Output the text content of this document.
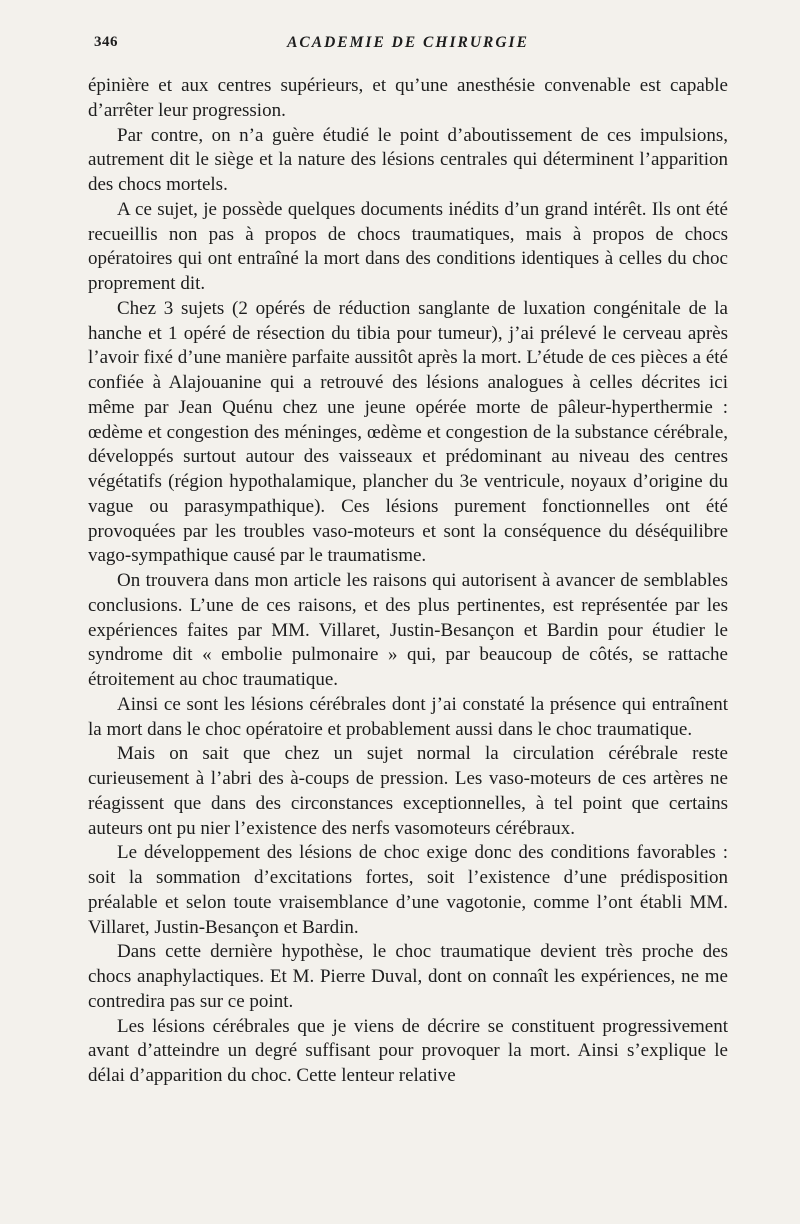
346	ACADEMIE DE CHIRURGIE

épinière et aux centres supérieurs, et qu’une anesthésie convenable est capable d’arrêter leur progression.

Par contre, on n’a guère étudié le point d’aboutissement de ces impulsions, autrement dit le siège et la nature des lésions centrales qui déterminent l’apparition des chocs mortels.

A ce sujet, je possède quelques documents inédits d’un grand intérêt. Ils ont été recueillis non pas à propos de chocs traumatiques, mais à propos de chocs opératoires qui ont entraîné la mort dans des conditions identiques à celles du choc proprement dit.

Chez 3 sujets (2 opérés de réduction sanglante de luxation congénitale de la hanche et 1 opéré de résection du tibia pour tumeur), j’ai prélevé le cerveau après l’avoir fixé d’une manière parfaite aussitôt après la mort. L’étude de ces pièces a été confiée à Alajouanine qui a retrouvé des lésions analogues à celles décrites ici même par Jean Quénu chez une jeune opérée morte de pâleur-hyperthermie : œdème et congestion des méninges, œdème et congestion de la substance cérébrale, développés surtout autour des vaisseaux et prédominant au niveau des centres végétatifs (région hypothalamique, plancher du 3e ventricule, noyaux d’origine du vague ou parasympathique). Ces lésions purement fonctionnelles ont été provoquées par les troubles vaso-moteurs et sont la conséquence du déséquilibre vago-sympathique causé par le traumatisme.

On trouvera dans mon article les raisons qui autorisent à avancer de semblables conclusions. L’une de ces raisons, et des plus pertinentes, est représentée par les expériences faites par MM. Villaret, Justin-Besançon et Bardin pour étudier le syndrome dit « embolie pulmonaire » qui, par beaucoup de côtés, se rattache étroitement au choc traumatique.

Ainsi ce sont les lésions cérébrales dont j’ai constaté la présence qui entraînent la mort dans le choc opératoire et probablement aussi dans le choc traumatique.

Mais on sait que chez un sujet normal la circulation cérébrale reste curieusement à l’abri des à-coups de pression. Les vaso-moteurs de ces artères ne réagissent que dans des circonstances exceptionnelles, à tel point que certains auteurs ont pu nier l’existence des nerfs vasomoteurs cérébraux.

Le développement des lésions de choc exige donc des conditions favorables : soit la sommation d’excitations fortes, soit l’existence d’une prédisposition préalable et selon toute vraisemblance d’une vagotonie, comme l’ont établi MM. Villaret, Justin-Besançon et Bardin.

Dans cette dernière hypothèse, le choc traumatique devient très proche des chocs anaphylactiques. Et M. Pierre Duval, dont on connaît les expériences, ne me contredira pas sur ce point.

Les lésions cérébrales que je viens de décrire se constituent progressivement avant d’atteindre un degré suffisant pour provoquer la mort. Ainsi s’explique le délai d’apparition du choc. Cette lenteur relative
